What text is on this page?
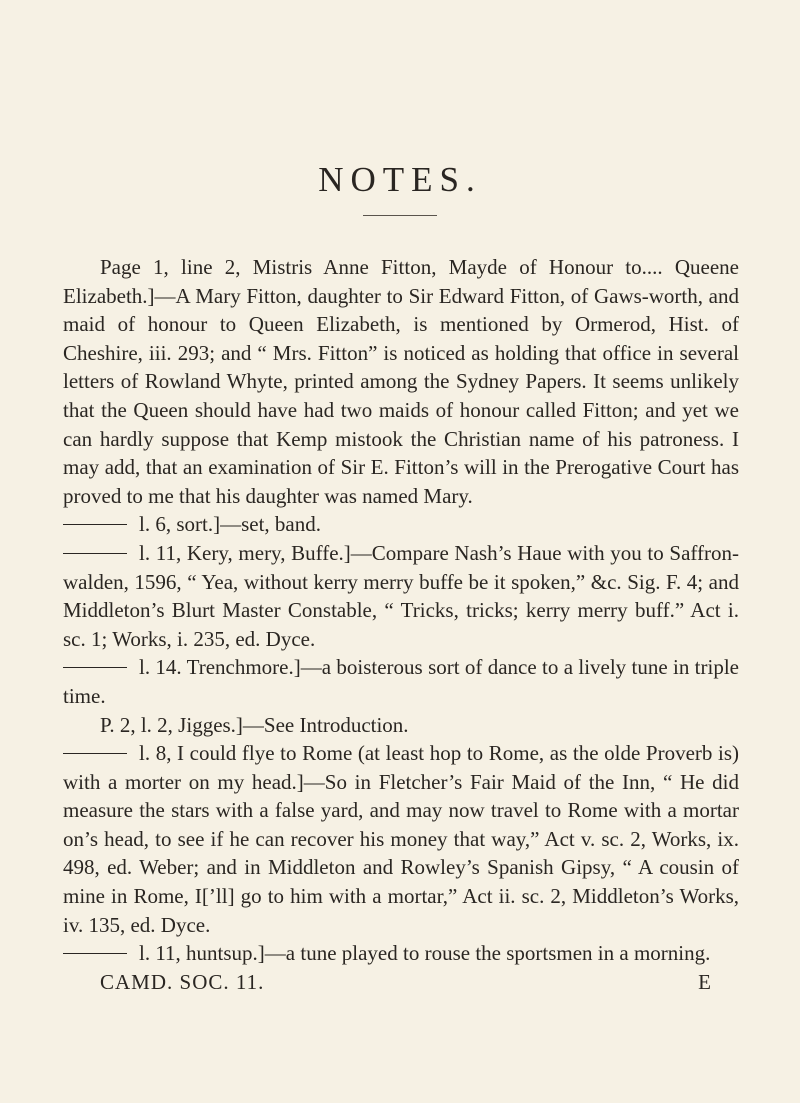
NOTES.

Page 1, line 2, Mistris Anne Fitton, Mayde of Honour to.... Queene Elizabeth.]—A Mary Fitton, daughter to Sir Edward Fitton, of Gaws-worth, and maid of honour to Queen Elizabeth, is mentioned by Ormerod, Hist. of Cheshire, iii. 293; and “ Mrs. Fitton” is noticed as holding that office in several letters of Rowland Whyte, printed among the Sydney Papers. It seems unlikely that the Queen should have had two maids of honour called Fitton; and yet we can hardly suppose that Kemp mistook the Christian name of his patroness. I may add, that an examination of Sir E. Fitton’s will in the Prerogative Court has proved to me that his daughter was named Mary.

l. 6, sort.]—set, band.

l. 11, Kery, mery, Buffe.]—Compare Nash’s Haue with you to Saffron-walden, 1596, “ Yea, without kerry merry buffe be it spoken,” &c. Sig. F. 4; and Middleton’s Blurt Master Constable, “ Tricks, tricks; kerry merry buff.” Act i. sc. 1; Works, i. 235, ed. Dyce.

l. 14. Trenchmore.]—a boisterous sort of dance to a lively tune in triple time.

P. 2, l. 2, Jigges.]—See Introduction.

l. 8, I could flye to Rome (at least hop to Rome, as the olde Proverb is) with a morter on my head.]—So in Fletcher’s Fair Maid of the Inn, “ He did measure the stars with a false yard, and may now travel to Rome with a mortar on’s head, to see if he can recover his money that way,” Act v. sc. 2, Works, ix. 498, ed. Weber; and in Middleton and Rowley’s Spanish Gipsy, “ A cousin of mine in Rome, I[’ll] go to him with a mortar,” Act ii. sc. 2, Middleton’s Works, iv. 135, ed. Dyce.

l. 11, huntsup.]—a tune played to rouse the sportsmen in a morning.

CAMD. SOC. 11.	E
